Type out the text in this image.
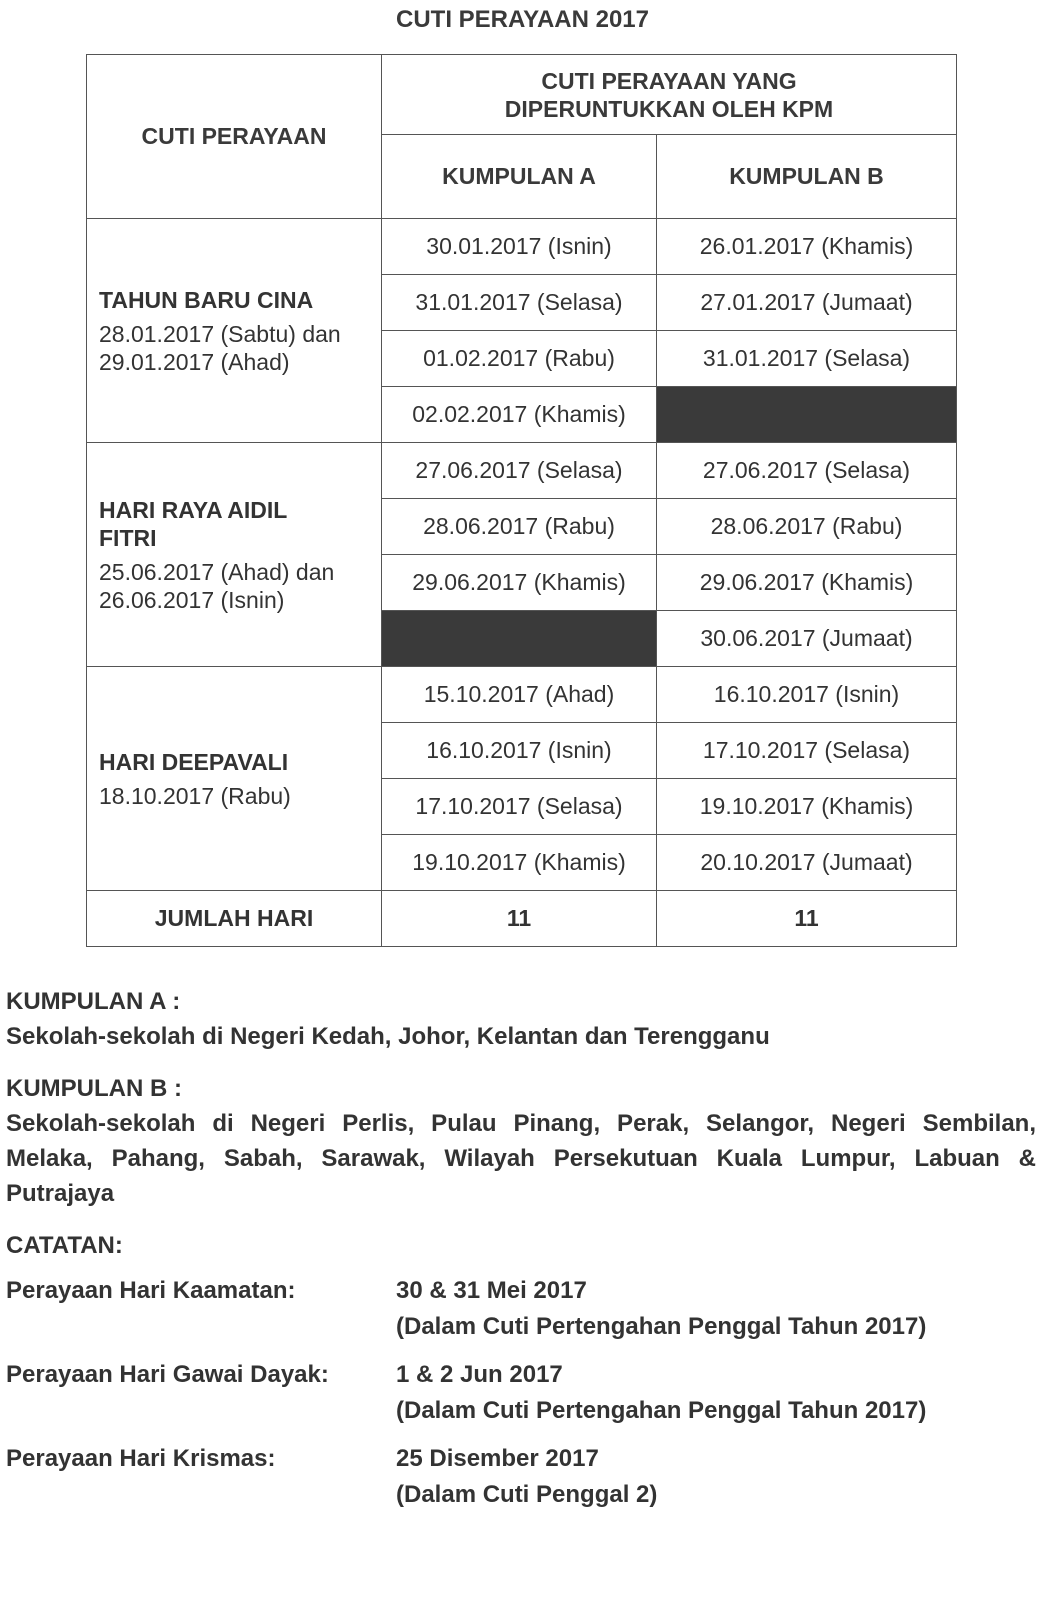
CUTI PERAYAAN 2017
CUTI PERAYAAN	CUTI PERAYAAN YANG DIPERUNTUKKAN OLEH KPM	
	KUMPULAN A	KUMPULAN B

TAHUN BARU CINA
28.01.2017 (Sabtu) dan 29.01.2017 (Ahad)	30.01.2017 (Isnin)	26.01.2017 (Khamis)
	31.01.2017 (Selasa)	27.01.2017 (Jumaat)
	01.02.2017 (Rabu)	31.01.2017 (Selasa)
	02.02.2017 (Khamis)	

HARI RAYA AIDIL FITRI
25.06.2017 (Ahad) dan 26.06.2017 (Isnin)	27.06.2017 (Selasa)	27.06.2017 (Selasa)
	28.06.2017 (Rabu)	28.06.2017 (Rabu)
	29.06.2017 (Khamis)	29.06.2017 (Khamis)
		30.06.2017 (Jumaat)

HARI DEEPAVALI
18.10.2017 (Rabu)	15.10.2017 (Ahad)	16.10.2017 (Isnin)
	16.10.2017 (Isnin)	17.10.2017 (Selasa)
	17.10.2017 (Selasa)	19.10.2017 (Khamis)
	19.10.2017 (Khamis)	20.10.2017 (Jumaat)
JUMLAH HARI	11	11

KUMPULAN A :

Sekolah-sekolah di Negeri Kedah, Johor, Kelantan dan Terengganu

KUMPULAN B :

Sekolah-sekolah di Negeri Perlis, Pulau Pinang, Perak, Selangor, Negeri Sembilan, Melaka, Pahang, Sabah, Sarawak, Wilayah Persekutuan Kuala Lumpur, Labuan & Putrajaya

CATATAN:

Perayaan Hari Kaamatan:	30 & 31 Mei 2017
(Dalam Cuti Pertengahan Penggal Tahun 2017)
Perayaan Hari Gawai Dayak:	1 & 2 Jun 2017
(Dalam Cuti Pertengahan Penggal Tahun 2017)
Perayaan Hari Krismas:	25 Disember 2017
(Dalam Cuti Penggal 2)
